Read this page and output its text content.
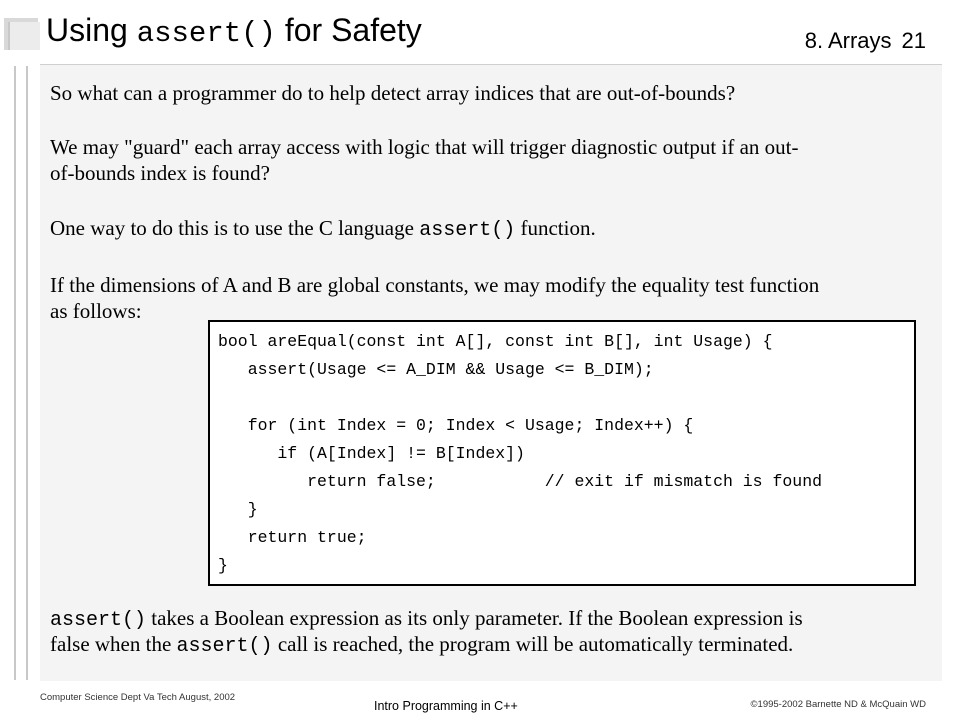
Using assert() for Safety	8. Arrays 21

So what can a programmer do to help detect array indices that are out-of-bounds?

We may "guard" each array access with logic that will trigger diagnostic output if an out-

of-bounds index is found?

One way to do this is to use the C language assert() function.

If the dimensions of A and B are global constants, we may modify the equality test function

as follows:

bool areEqual(const int A[], const int B[], int Usage) {
assert(Usage <= A_DIM && Usage <= B_DIM);
for (int Index = 0; Index < Usage; Index++) {
if (A[Index] != B[Index])
return false;           // exit if mismatch is found
}
return true;
}

assert() takes a Boolean expression as its only parameter. If the Boolean expression is

false when the assert() call is reached, the program will be automatically terminated.

Computer Science Dept Va Tech August, 2002
Intro Programming in C++	©1995-2002 Barnette ND & McQuain WD
